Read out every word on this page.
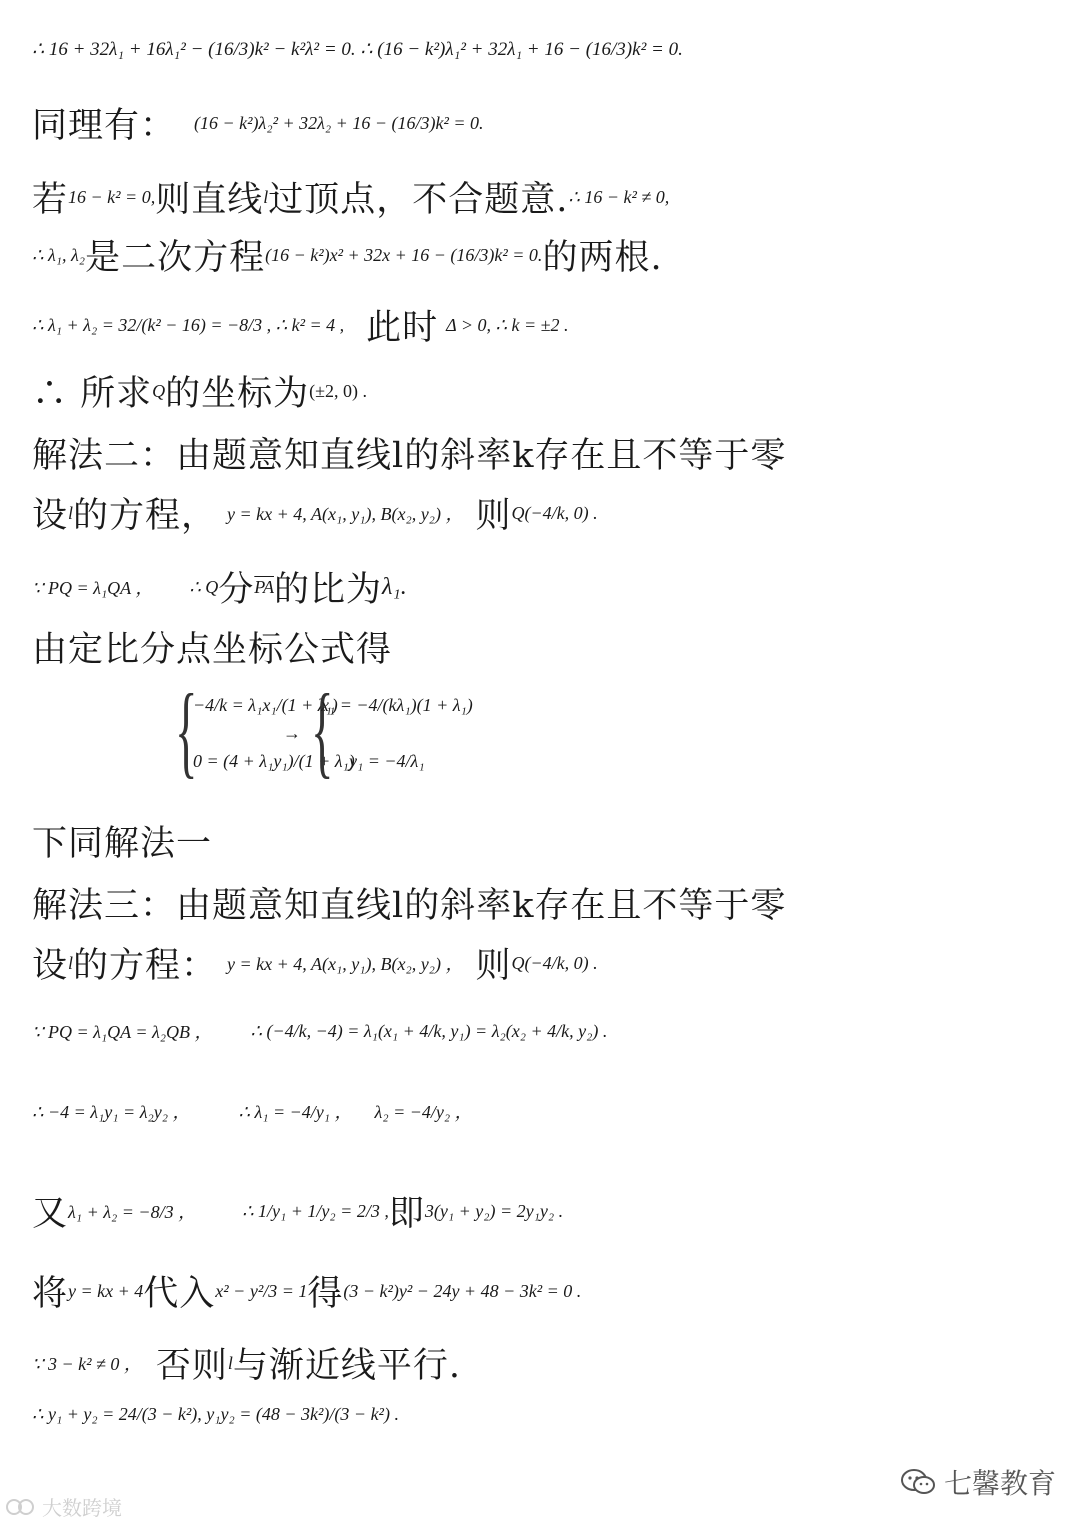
∴ 16 + 32λ₁ + 16λ₁² − (16/3)k² − k²λ² = 0. ∴ (16 − k²)λ₁² + 32λ₁ + 16 − (16/3)k² = 0.
同理有： (16 − k²)λ₂² + 32λ₂ + 16 − (16/3)k² = 0.
若 16 − k² = 0, 则直线 l 过顶点，不合题意. ∴ 16 − k² ≠ 0,
∴ λ₁, λ₂ 是二次方程 (16 − k²)x² + 32x + 16 − (16/3)k² = 0. 的两根.
∴ λ₁ + λ₂ = 32/(k² − 16) = −8/3 , ∴ k² = 4 , 此时 Δ > 0, ∴ k = ±2 .
∴ 所求 Q 的坐标为 (±2, 0) .
解法二：由题意知直线l的斜率k存在且不等于零
设 l 的方程， y = kx + 4, A(x₁, y₁), B(x₂, y₂) ， 则 Q(−4/k, 0) .
∵ PQ = λ₁QA ， ∴ Q 分 $\overline{PA}$ 的比为 λ₁.
由定比分点坐标公式得
{
−4/k = λ₁x₁/(1 + λ₁)
0 = (4 + λ₁y₁)/(1 + λ₁)
→ {
x₁ = −4/(kλ₁)(1 + λ₁)
y₁ = −4/λ₁
下同解法一
解法三：由题意知直线l的斜率k存在且不等于零
设 l 的方程： y = kx + 4, A(x₁, y₁), B(x₂, y₂) ， 则 Q(−4/k, 0) .
∵ PQ = λ₁QA = λ₂QB ， ∴ (−4/k, −4) = λ₁(x₁ + 4/k, y₁) = λ₂(x₂ + 4/k, y₂) .
∴ −4 = λ₁y₁ = λ₂y₂ ，	∴ λ₁ = −4/y₁ ， λ₂ = −4/y₂ ，
又 λ₁ + λ₂ = −8/3 ，	∴ 1/y₁ + 1/y₂ = 2/3 , 即 3(y₁ + y₂) = 2y₁y₂ .
将 y = kx + 4 代入 x² − y²/3 = 1 得 (3 − k²)y² − 24y + 48 − 3k² = 0 .
∵ 3 − k² ≠ 0 ， 否则 l 与渐近线平行.
∴ y₁ + y₂ = 24/(3 − k²), y₁y₂ = (48 − 3k²)/(3 − k²) .
大数跨境
七馨教育
